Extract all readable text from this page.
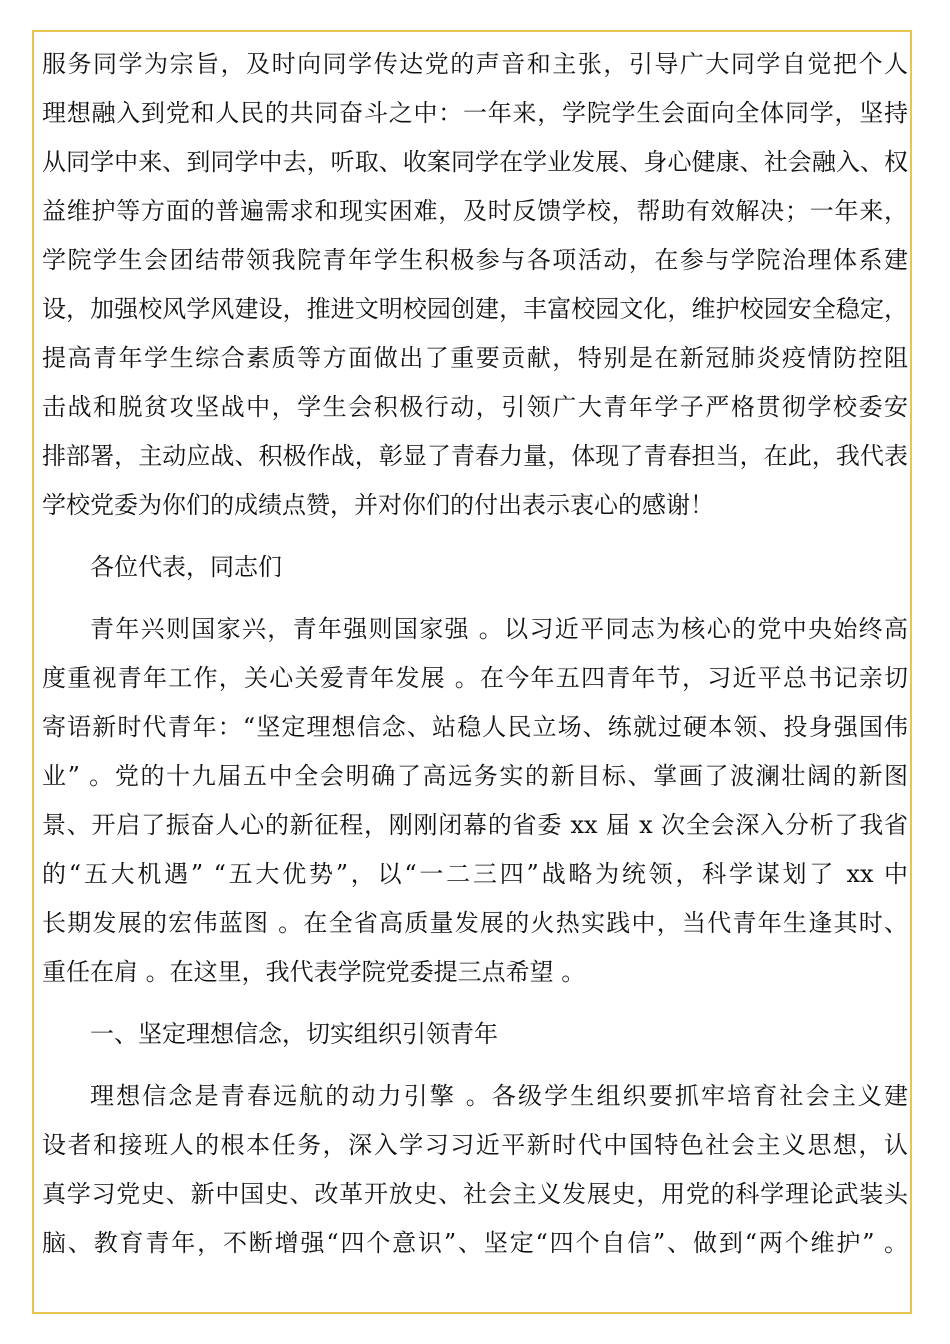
服务同学为宗旨，及时向同学传达党的声音和主张，引导广大同学自觉把个人
理想融入到党和人民的共同奋斗之中：一年来，学院学生会面向全体同学，坚持
从同学中来、到同学中去，听取、收案同学在学业发展、身心健康、社会融入、权
益维护等方面的普遍需求和现实困难，及时反馈学校，帮助有效解决；一年来，
学院学生会团结带领我院青年学生积极参与各项活动，在参与学院治理体系建
设，加强校风学风建设，推进文明校园创建，丰富校园文化，维护校园安全稳定，
提高青年学生综合素质等方面做出了重要贡献，特别是在新冠肺炎疫情防控阻
击战和脱贫攻坚战中，学生会积极行动，引领广大青年学子严格贯彻学校委安
排部署，主动应战、积极作战，彰显了青春力量，体现了青春担当，在此，我代表
学校党委为你们的成绩点赞，并对你们的付出表示衷心的感谢！
各位代表，同志们
青年兴则国家兴，青年强则国家强 。以习近平同志为核心的党中央始终高
度重视青年工作，关心关爱青年发展 。在今年五四青年节，习近平总书记亲切
寄语新时代青年：“坚定理想信念、站稳人民立场、练就过硬本领、投身强国伟
业” 。党的十九届五中全会明确了高远务实的新目标、掌画了波澜壮阔的新图
景、开启了振奋人心的新征程，刚刚闭幕的省委 xx 届 x 次全会深入分析了我省
的“五大机遇” “五大优势”，以“一二三四”战略为统领，科学谋划了 xx 中
长期发展的宏伟蓝图 。在全省高质量发展的火热实践中，当代青年生逢其时、
重任在肩 。在这里，我代表学院党委提三点希望 。
一、坚定理想信念，切实组织引领青年
理想信念是青春远航的动力引擎 。各级学生组织要抓牢培育社会主义建
设者和接班人的根本任务，深入学习习近平新时代中国特色社会主义思想，认
真学习党史、新中国史、改革开放史、社会主义发展史，用党的科学理论武装头
脑、教育青年，不断增强“四个意识”、坚定“四个自信”、做到“两个维护” 。
